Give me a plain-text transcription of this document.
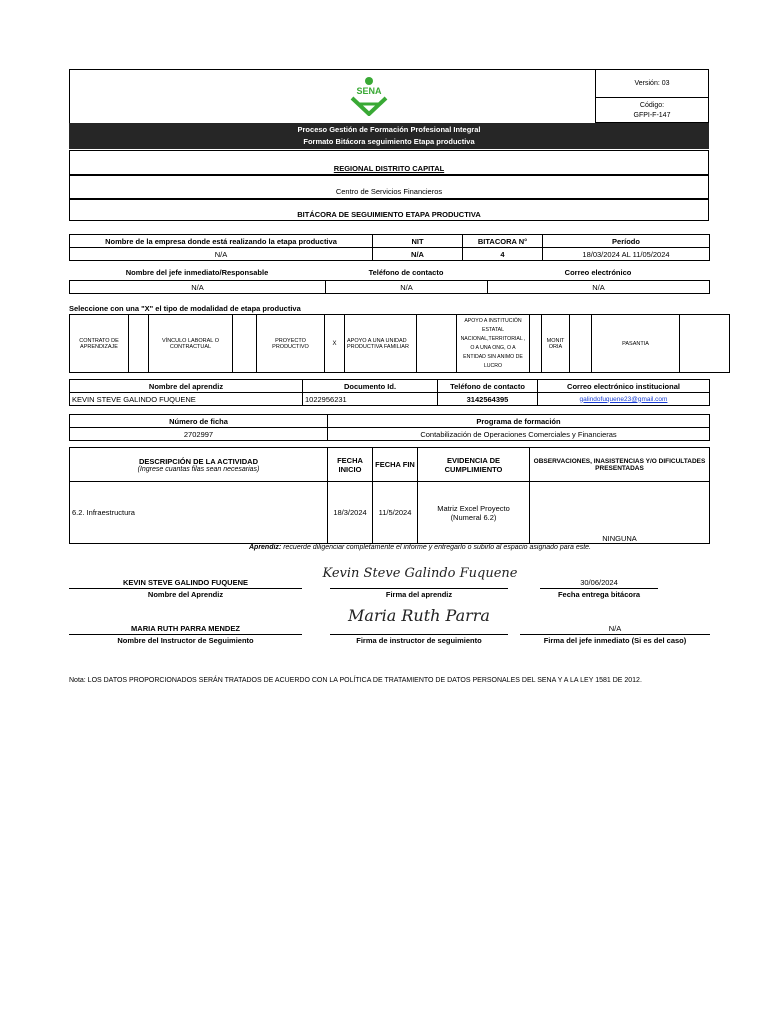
SENA
Versión: 03
Código:
GFPI-F-147
Proceso Gestión de Formación Profesional Integral
Formato Bitácora seguimiento Etapa productiva
REGIONAL DISTRITO CAPITAL
Centro de Servicios Financieros
BITÁCORA DE SEGUIMIENTO ETAPA PRODUCTIVA
Nombre de la empresa donde está realizando la etapa productiva	NIT	BITACORA N°	Período
N/A	N/A	4	18/03/2024 AL 11/05/2024
Nombre del jefe inmediato/Responsable	Teléfono de contacto	Correo electrónico
N/A	N/A	N/A
Seleccione con una "X" el tipo de modalidad de etapa productiva
CONTRATO DE APRENDIZAJE		VÍNCULO LABORAL O CONTRACTUAL		PROYECTO PRODUCTIVO	X	APOYO A UNA UNIDAD PRODUCTIVA FAMILIAR		APOYO A INSTITUCIÓN ESTATAL NACIONAL,TERRITORIAL , O A UNA ONG, O A ENTIDAD SIN ANIMO DE LUCRO		MONIT ORIA		PASANTIA	
Nombre del aprendiz	Documento Id.	Teléfono de contacto	Correo electrónico institucional
KEVIN STEVE GALINDO FUQUENE	1022956231	3142564395	galindofuquene23@gmail.com
Número de ficha	Programa de formación
2702997	Contabilización de Operaciones Comerciales y Financieras
DESCRIPCIÓN DE LA ACTIVIDAD
(Ingrese cuantas filas sean necesarias)	FECHA INICIO	FECHA FIN	EVIDENCIA DE CUMPLIMIENTO	OBSERVACIONES, INASISTENCIAS Y/O DIFICULTADES PRESENTADAS
6.2. Infraestructura	18/3/2024	11/5/2024	Matriz Excel Proyecto (Numeral 6.2)	NINGUNA
Aprendiz: recuerde diligenciar completamente el informe y entregarlo o subirlo al espacio asignado para este.
KEVIN STEVE GALINDO FUQUENE
Nombre del Aprendiz
Kevin Steve Galindo Fuquene
Firma del aprendiz
30/06/2024
Fecha entrega bitácora
MARIA RUTH PARRA MENDEZ
Nombre del Instructor de Seguimiento
Maria Ruth Parra
Firma de instructor de seguimiento
N/A
Firma del jefe inmediato (Si es del caso)
Nota: LOS DATOS PROPORCIONADOS SERÁN TRATADOS DE ACUERDO CON LA POLÍTICA DE TRATAMIENTO DE DATOS PERSONALES DEL SENA Y A LA LEY 1581 DE 2012.
